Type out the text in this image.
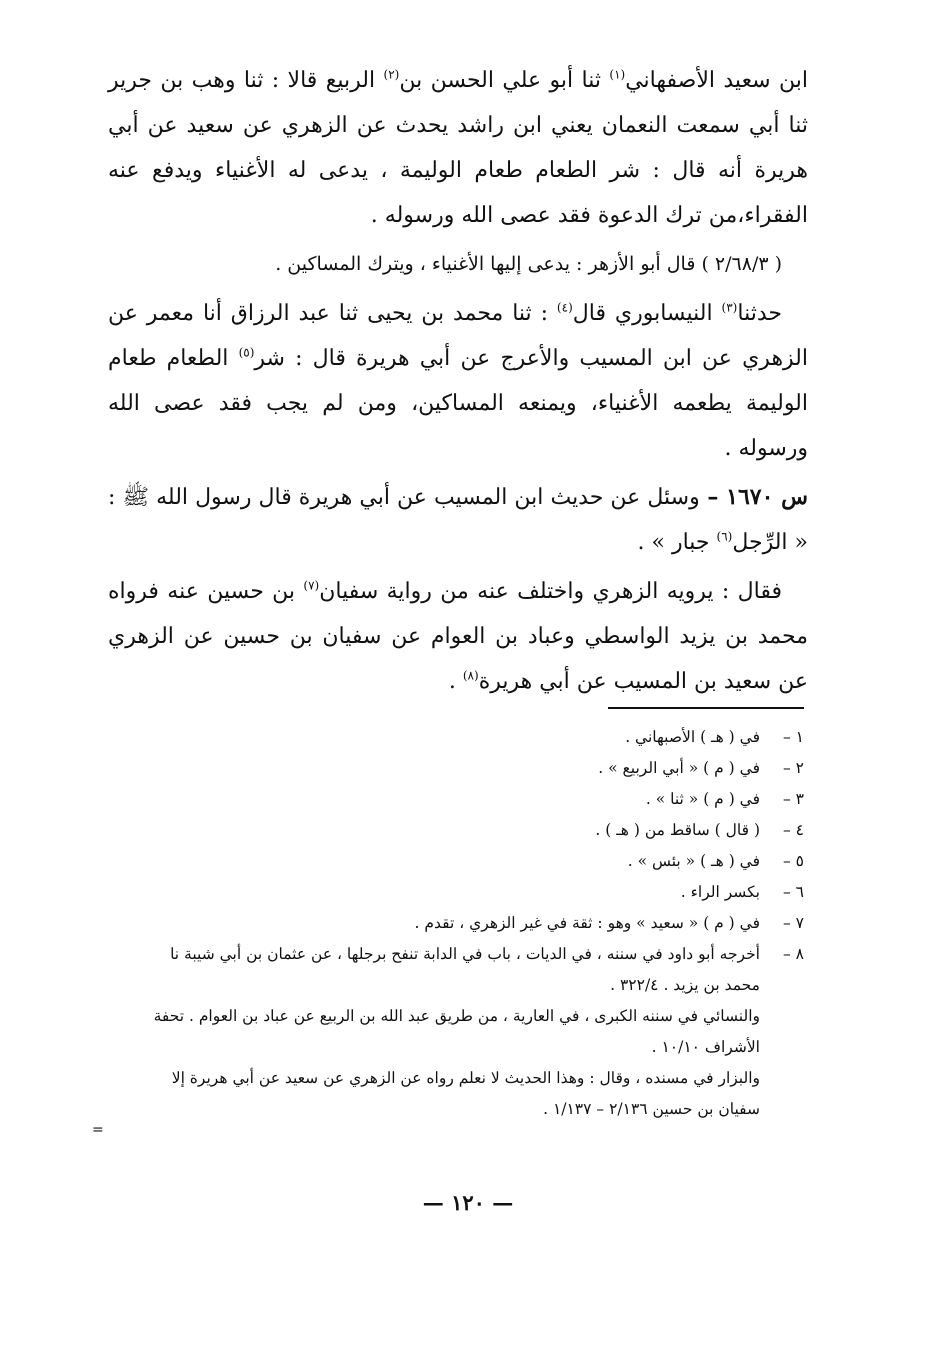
ابن سعيد الأصفهاني$^{(١)}$ ثنا أبو علي الحسن بن$^{(٢)}$ الربيع قالا : ثنا وهب بن جرير ثنا أبي سمعت النعمان يعني ابن راشد يحدث عن الزهري عن سعيد عن أبي هريرة أنه قال : شر الطعام طعام الوليمة ، يدعى له الأغنياء ويدفع عنه الفقراء،من ترك الدعوة فقد عصى الله ورسوله .

( ٢/٦٨/٣ ) قال أبو الأزهر : يدعى إليها الأغنياء ، ويترك المساكين .

حدثنا$^{(٣)}$ النيسابوري قال$^{(٤)}$ : ثنا محمد بن يحيى ثنا عبد الرزاق أنا معمر عن الزهري عن ابن المسيب والأعرج عن أبي هريرة قال : شر$^{(٥)}$ الطعام طعام الوليمة يطعمه الأغنياء، ويمنعه المساكين، ومن لم يجب فقد عصى الله ورسوله .

س ١٦٧٠ – وسئل عن حديث ابن المسيب عن أبي هريرة قال رسول الله ﷺ : « الرِّجل$^{(٦)}$ جبار » .

فقال : يرويه الزهري واختلف عنه من رواية سفيان$^{(٧)}$ بن حسين عنه فرواه محمد بن يزيد الواسطي وعباد بن العوام عن سفيان بن حسين عن الزهري عن سعيد بن المسيب عن أبي هريرة$^{(٨)}$ .

١ –
في ( هـ ) الأصبهاني .
٢ –
في ( م ) « أبي الربيع » .
٣ –
في ( م ) « ثنا » .
٤ –
( قال ) ساقط من ( هـ ) .
٥ –
في ( هـ ) « بئس » .
٦ –
بكسر الراء .
٧ –
في ( م ) « سعيد » وهو : ثقة في غير الزهري ، تقدم .
٨ –
أخرجه أبو داود في سننه ، في الديات ، باب في الدابة تنفح برجلها ، عن عثمان بن أبي شيبة نا
محمد بن يزيد . ٣٢٢/٤ .
والنسائي في سننه الكبرى ، في العارية ، من طريق عبد الله بن الربيع عن عباد بن العوام . تحفة
الأشراف ١٠/١٠ .
والبزار في مسنده ، وقال : وهذا الحديث لا نعلم رواه عن الزهري عن سعيد عن أبي هريرة إلا
سفيان بن حسين ٢/١٣٦ – ١/١٣٧ .
=
— ١٢٠ —
